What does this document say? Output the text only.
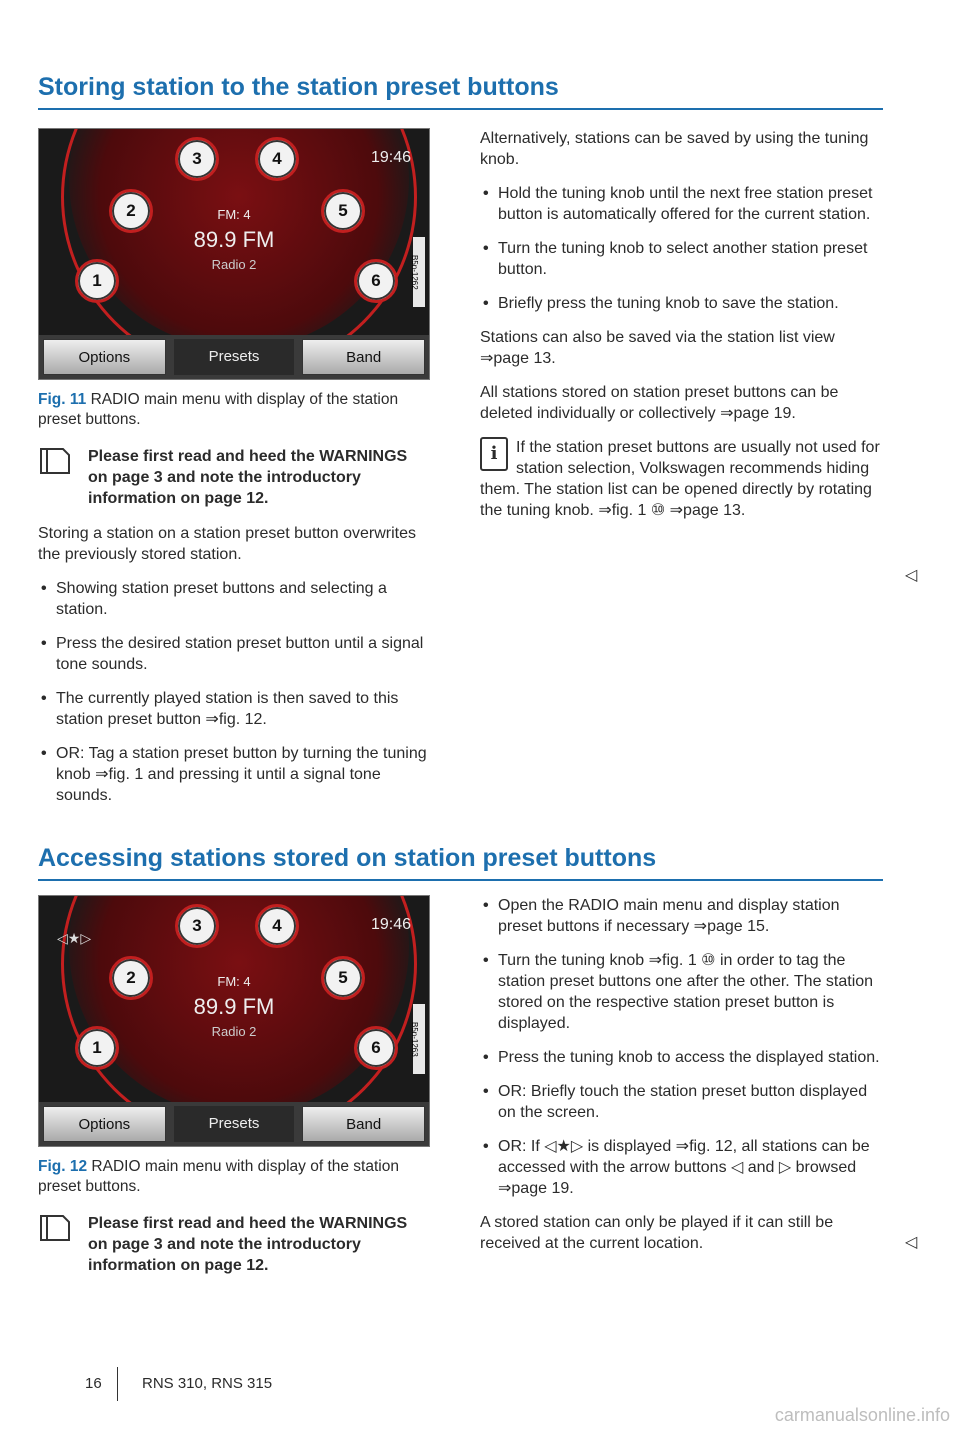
Storing station to the station preset buttons
19:46
3	4
2	5
1	6
FM: 4
89.9 FM
Radio 2	B5n-1262
Options	Presets	Band
Fig. 11 RADIO main menu with display of the station preset buttons.
Please first read and heed the WARNINGS on page 3 and note the introductory information on page 12.

Storing a station on a station preset button overwrites the previously stored station.

• Showing station preset buttons and selecting a station.
• Press the desired station preset button until a signal tone sounds.
• The currently played station is then saved to this station preset button ⇒fig. 12.
• OR: Tag a station preset button by turning the tuning knob ⇒fig. 1 and pressing it until a signal tone sounds.

Alternatively, stations can be saved by using the tuning knob.

• Hold the tuning knob until the next free station preset button is automatically offered for the current station.
• Turn the tuning knob to select another station preset button.
• Briefly press the tuning knob to save the station.

Stations can also be saved via the station list view ⇒page 13.

All stations stored on station preset buttons can be deleted individually or collectively ⇒page 19.

i	If the station preset buttons are usually not used for station selection, Volkswagen recommends hiding them. The station list can be opened directly by rotating the tuning knob. ⇒fig. 1 ⑩ ⇒page 13.
◁
Accessing stations stored on station preset buttons
◁★▷
19:46
3	4
2	5
1	6
FM: 4
89.9 FM
Radio 2	B5n-1263
Options	Presets	Band
Fig. 12 RADIO main menu with display of the station preset buttons.
Please first read and heed the WARNINGS on page 3 and note the introductory information on page 12.
• Open the RADIO main menu and display station preset buttons if necessary ⇒page 15.
• Turn the tuning knob ⇒fig. 1 ⑩ in order to tag the station preset buttons one after the other. The station stored on the respective station preset button is displayed.
• Press the tuning knob to access the displayed station.
• OR: Briefly touch the station preset button displayed on the screen.
• OR: If ◁★▷ is displayed ⇒fig. 12, all stations can be accessed with the arrow buttons ◁ and ▷ browsed ⇒page 19.

A stored station can only be played if it can still be received at the current location.	◁
16	RNS 310, RNS 315
carmanualsonline.info
